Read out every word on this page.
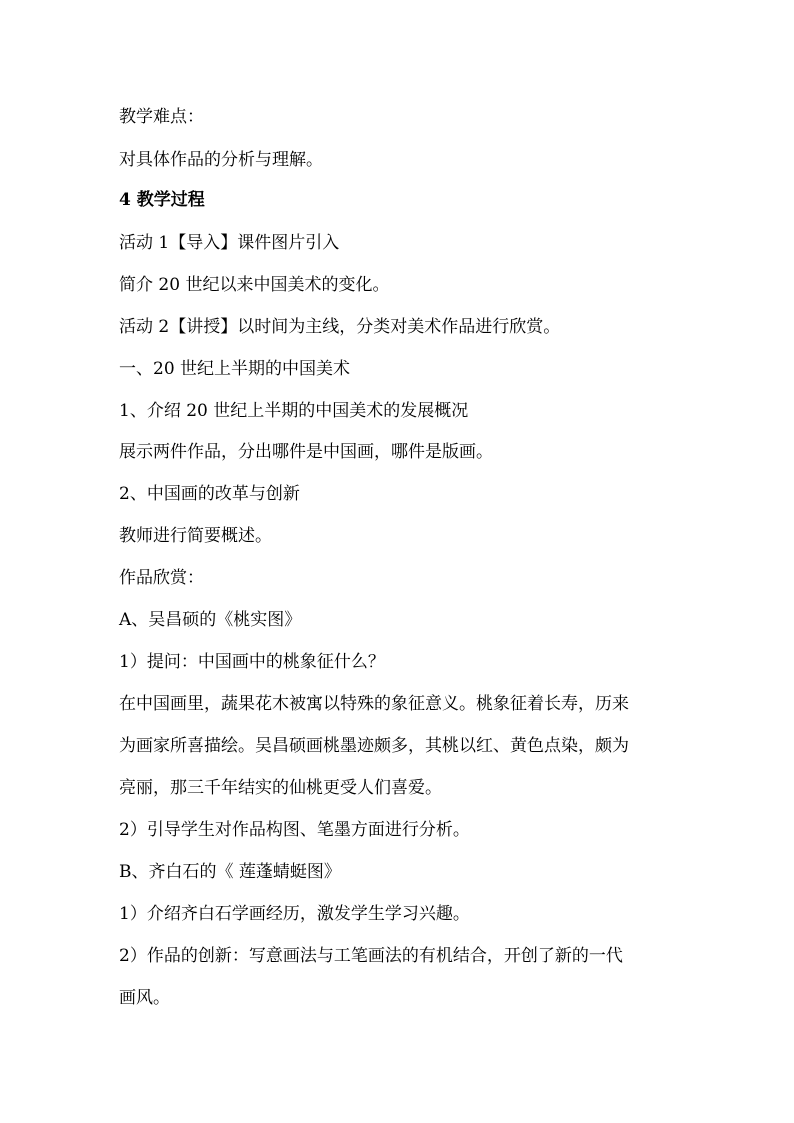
教学难点：
对具体作品的分析与理解。
4 教学过程
活动 1【导入】课件图片引入
简介 20 世纪以来中国美术的变化。
活动 2【讲授】以时间为主线，分类对美术作品进行欣赏。
一、20 世纪上半期的中国美术
1、介绍 20 世纪上半期的中国美术的发展概况
展示两件作品，分出哪件是中国画，哪件是版画。
2、中国画的改革与创新
教师进行简要概述。
作品欣赏：
A、吴昌硕的《桃实图》
1）提问：中国画中的桃象征什么？
在中国画里，蔬果花木被寓以特殊的象征意义。桃象征着长寿，历来
为画家所喜描绘。吴昌硕画桃墨迹颇多，其桃以红、黄色点染，颇为
亮丽，那三千年结实的仙桃更受人们喜爱。
2）引导学生对作品构图、笔墨方面进行分析。
B、齐白石的《 莲蓬蜻蜓图》
1）介绍齐白石学画经历，激发学生学习兴趣。
2）作品的创新：写意画法与工笔画法的有机结合，开创了新的一代
画风。
